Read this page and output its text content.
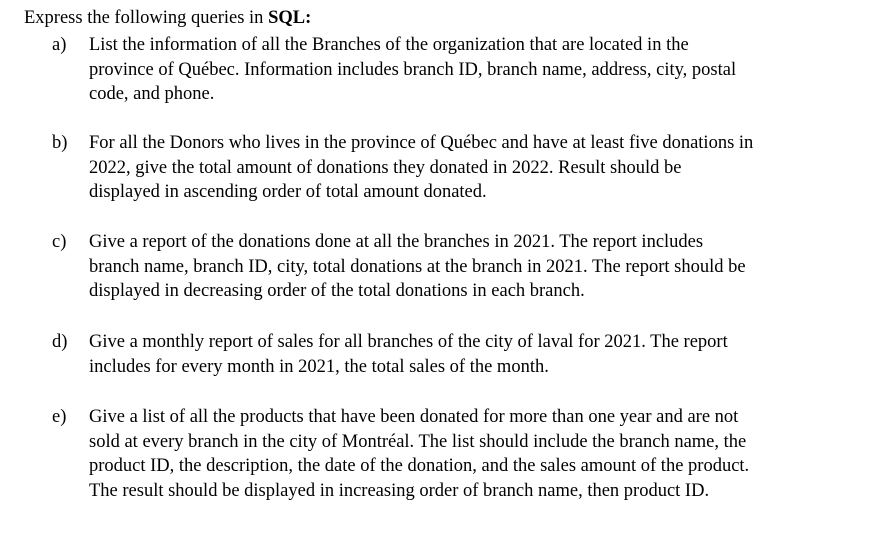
Express the following queries in SQL:
a) List the information of all the Branches of the organization that are located in the
province of Québec. Information includes branch ID, branch name, address, city, postal
code, and phone.
b) For all the Donors who lives in the province of Québec and have at least five donations in
2022, give the total amount of donations they donated in 2022. Result should be
displayed in ascending order of total amount donated.
c) Give a report of the donations done at all the branches in 2021. The report includes
branch name, branch ID, city, total donations at the branch in 2021. The report should be
displayed in decreasing order of the total donations in each branch.
d) Give a monthly report of sales for all branches of the city of laval for 2021. The report
includes for every month in 2021, the total sales of the month.
e) Give a list of all the products that have been donated for more than one year and are not
sold at every branch in the city of Montréal. The list should include the branch name, the
product ID, the description, the date of the donation, and the sales amount of the product.
The result should be displayed in increasing order of branch name, then product ID.
